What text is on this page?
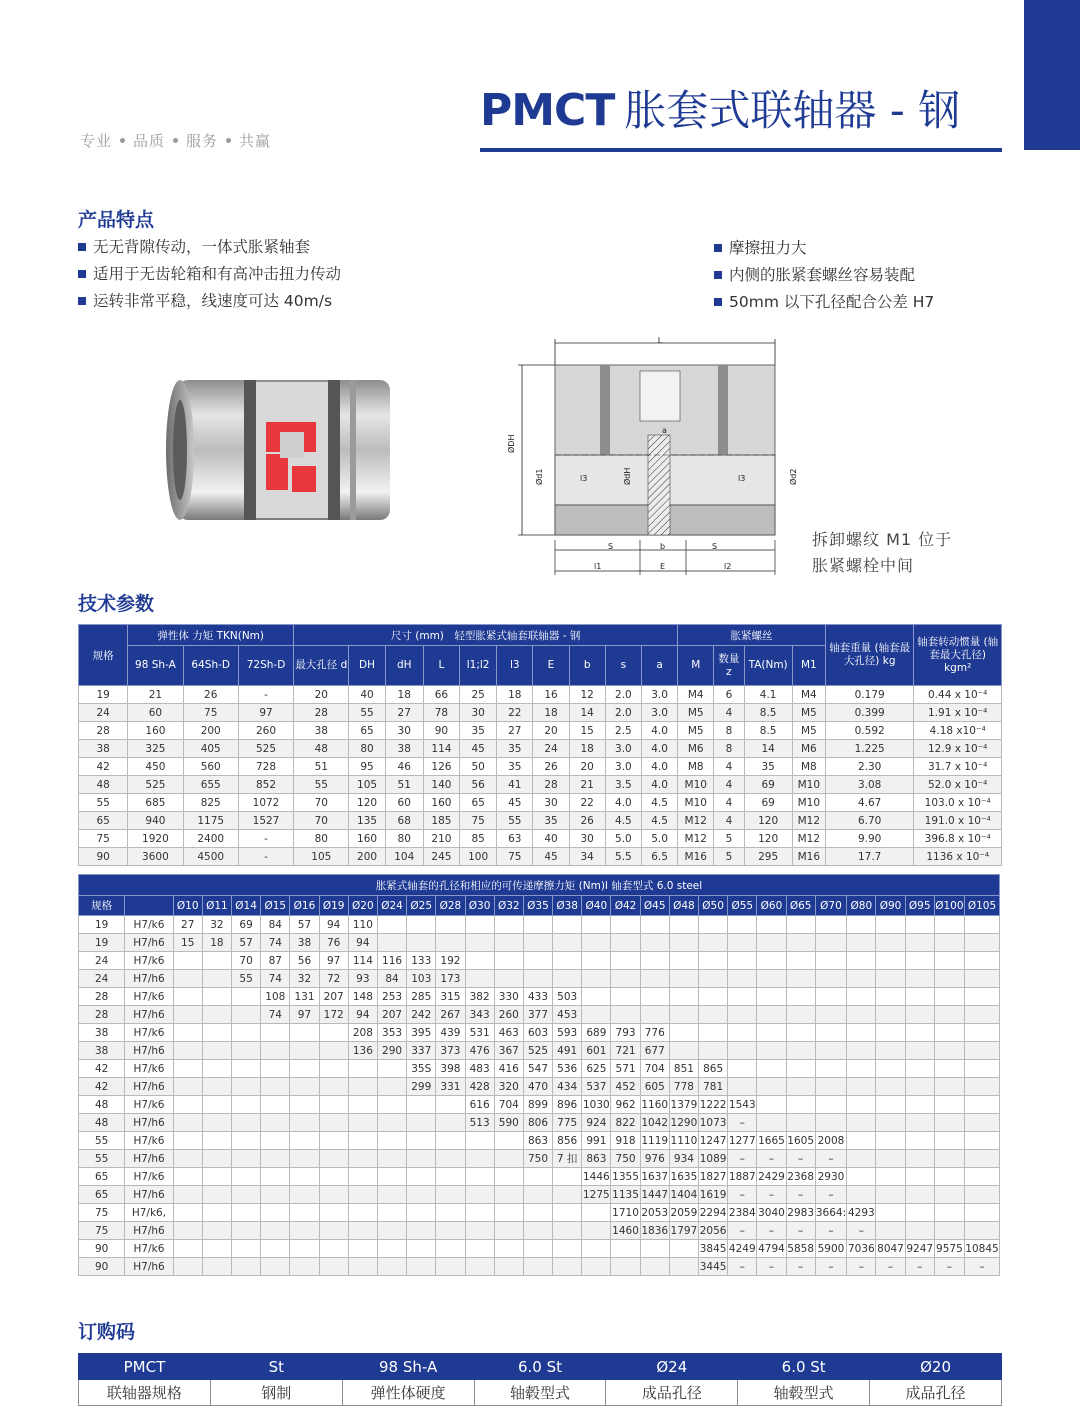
专业 品质 服务 共赢
PMCT 胀套式联轴器 - 钢
产品特点
无无背隙传动，一体式胀紧轴套
适用于无齿轮箱和有高冲击扭力传动
运转非常平稳，线速度可达 40m/s
摩擦扭力大
内侧的胀紧套螺丝容易装配
50mm 以下孔径配合公差 H7
L
ØDH
Ød1	ØdH	Ød2
a
l3	l3
S	b	S
l1	E	l2
拆卸螺纹 M1 位于
胀紧螺栓中间
技术参数
规格	弹性体 力矩 TKN(Nm)			尺寸 (mm)　轻型胀紧式轴套联轴器 - 钢										胀紧螺丝				轴套重量 (轴套最大孔径) kg	轴套转动惯量 (轴套最大孔径) kgm²
	98 Sh-A	64Sh-D	72Sh-D	最大孔径 d	DH	dH	L	l1;l2	l3	E	b	s	a	M	数量 z	TA(Nm)	M1		
19	21	26	-	20	40	18	66	25	18	16	12	2.0	3.0	M4	6	4.1	M4	0.179	0.44 x 10⁻⁴
24	60	75	97	28	55	27	78	30	22	18	14	2.0	3.0	M5	4	8.5	M5	0.399	1.91 x 10⁻⁴
28	160	200	260	38	65	30	90	35	27	20	15	2.5	4.0	M5	8	8.5	M5	0.592	4.18 x10⁻⁴
38	325	405	525	48	80	38	114	45	35	24	18	3.0	4.0	M6	8	14	M6	1.225	12.9 x 10⁻⁴
42	450	560	728	51	95	46	126	50	35	26	20	3.0	4.0	M8	4	35	M8	2.30	31.7 x 10⁻⁴
48	525	655	852	55	105	51	140	56	41	28	21	3.5	4.0	M10	4	69	M10	3.08	52.0 x 10⁻⁴
55	685	825	1072	70	120	60	160	65	45	30	22	4.0	4.5	M10	4	69	M10	4.67	103.0 x 10⁻⁴
65	940	1175	1527	70	135	68	185	75	55	35	26	4.5	4.5	M12	4	120	M12	6.70	191.0 x 10⁻⁴
75	1920	2400	-	80	160	80	210	85	63	40	30	5.0	5.0	M12	5	120	M12	9.90	396.8 x 10⁻⁴
90	3600	4500	-	105	200	104	245	100	75	45	34	5.5	6.5	M16	5	295	M16	17.7	1136 x 10⁻⁴
胀紧式轴套的孔径和相应的可传递摩擦力矩 (Nm)I 轴套型式 6.0 steel																													
规格		Ø10	Ø11	Ø14	Ø15	Ø16	Ø19	Ø20	Ø24	Ø25	Ø28	Ø30	Ø32	Ø35	Ø38	Ø40	Ø42	Ø45	Ø48	Ø50	Ø55	Ø60	Ø65	Ø70	Ø80	Ø90	Ø95	Ø100	Ø105
19	H7/k6	27	32	69	84	57	94	110																					
19	H7/h6	15	18	57	74	38	76	94																					
24	H7/k6			70	87	56	97	114	116	133	192																		
24	H7/h6			55	74	32	72	93	84	103	173																		
28	H7/k6				108	131	207	148	253	285	315	382	330	433	503														
28	H7/h6				74	97	172	94	207	242	267	343	260	377	453														
38	H7/k6							208	353	395	439	531	463	603	593	689	793	776											
38	H7/h6							136	290	337	373	476	367	525	491	601	721	677											
42	H7/k6									35S	398	483	416	547	536	625	571	704	851	865									
42	H7/h6									299	331	428	320	470	434	537	452	605	778	781									
48	H7/k6											616	704	899	896	1030	962	1160	1379	1222	1543								
48	H7/h6											513	590	806	775	924	822	1042	1290	1073	–								
55	H7/k6													863	856	991	918	1119	1110	1247	1277	1665	1605	2008					
55	H7/h6													750	7 扣	863	750	976	934	1089	–	–	–	–					
65	H7/k6															1446	1355	1637	1635	1827	1887	2429	2368	2930					
65	H7/h6															1275	1135	1447	1404	1619	–	–	–	–					
75	H7/k6,																1710	2053	2059	2294	2384	3040	2983	3664:	4293				
75	H7/h6																1460	1836	1797	2056	–	–	–	–	–				
90	H7/k6																			3845	4249	4794	5858	5900	7036	8047	9247	9575	10845
90	H7/h6																			3445	–	–	–	–	–	–	–	–	–
订购码
PMCT	St	98 Sh-A	6.0 St	Ø24	6.0 St	Ø20
联轴器规格	钢制	弹性体硬度	轴毂型式	成品孔径	轴毂型式	成品孔径
